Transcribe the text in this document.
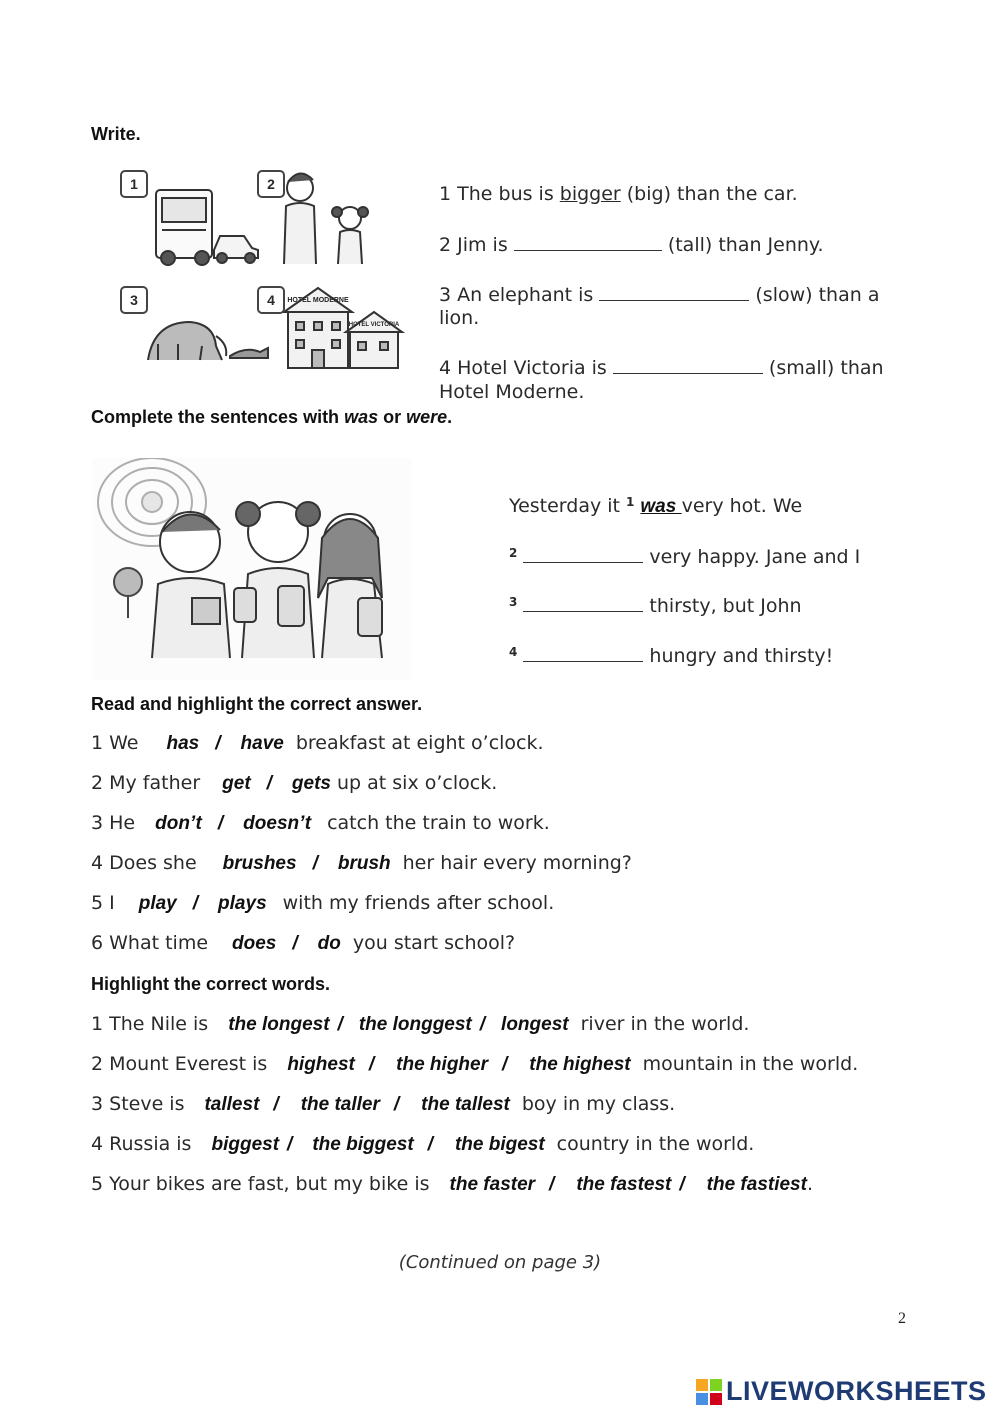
Write.
HOTEL MODERNE
HOTEL VICTORIA
1	2
3	4
1 The bus is bigger (big) than the car.
2 Jim is	(tall) than Jenny.
3 An elephant is	(slow) than a
lion.
4 Hotel Victoria is	(small) than
Hotel Moderne.
Complete the sentences with was or were.
Yesterday it $^1$ was very hot. We
$^2$	very happy. Jane and I
$^3$	thirsty, but John
$^4$	hungry and thirsty!
Read and highlight the correct answer.
1 We has / have breakfast at eight o’clock.
2 My father get / gets up at six o’clock.
3 He don’t / doesn’t catch the train to work.
4 Does she brushes / brush her hair every morning?
5 I play / plays with my friends after school.
6 What time does / do you start school?
Highlight the correct words.
1 The Nile is the longest / the longgest / longest river in the world.
2 Mount Everest is highest / the higher / the highest mountain in the world.
3 Steve is tallest / the taller / the tallest boy in my class.
4 Russia is biggest / the biggest / the bigest country in the world.
5 Your bikes are fast, but my bike is the faster / the fastest / the fastiest.
(Continued on page 3)
2
LIVEWORKSHEETS
